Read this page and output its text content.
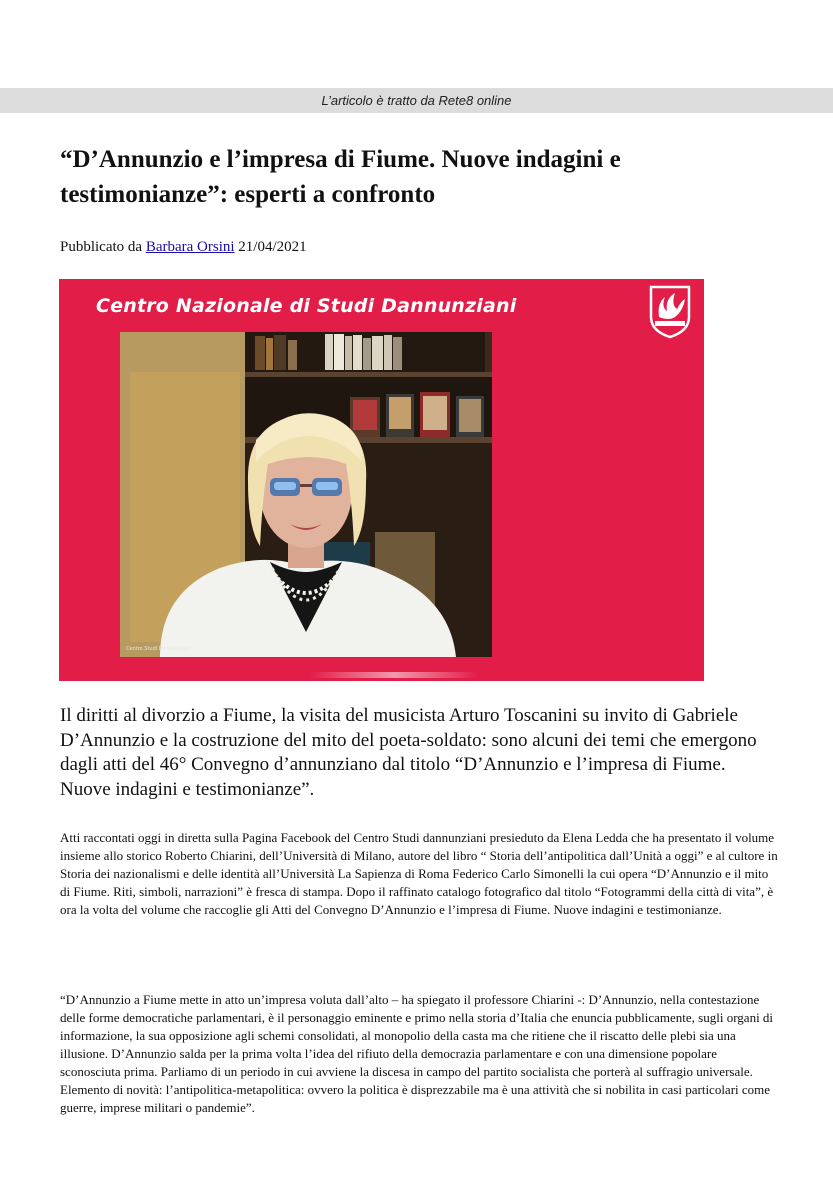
L’articolo è tratto da Rete8 online
“D’Annunzio e l’impresa di Fiume. Nuove indagini e testimonianze”: esperti a confronto
Pubblicato da Barbara Orsini 21/04/2021
Centro Nazionale di Studi Dannunziani
Centro Studi Dannunziani

Il diritti al divorzio a Fiume, la visita del musicista Arturo Toscanini su invito di Gabriele D’Annunzio e la costruzione del mito del poeta-soldato: sono alcuni dei temi che emergono dagli atti del 46° Convegno d’annunziano dal titolo “D’Annunzio e l’impresa di Fiume. Nuove indagini e testimonianze”.

Atti raccontati oggi in diretta sulla Pagina Facebook del Centro Studi dannunziani presieduto da Elena Ledda che ha presentato il volume insieme allo storico Roberto Chiarini, dell’Università di Milano, autore del libro “ Storia dell’antipolitica dall’Unità a oggi” e al cultore in Storia dei nazionalismi e delle identità all’Università La Sapienza di Roma Federico Carlo Simonelli la cui opera “D’Annunzio e il mito di Fiume. Riti, simboli, narrazioni” è fresca di stampa. Dopo il raffinato catalogo fotografico dal titolo “Fotogrammi della città di vita”, è ora la volta del volume che raccoglie gli Atti del Convegno D’Annunzio e l’impresa di Fiume. Nuove indagini e testimonianze.

“D’Annunzio a Fiume mette in atto un’impresa voluta dall’alto – ha spiegato il professore Chiarini -: D’Annunzio, nella contestazione delle forme democratiche parlamentari, è il personaggio eminente e primo nella storia d’Italia che enuncia pubblicamente, sugli organi di informazione, la sua opposizione agli schemi consolidati, al monopolio della casta ma che ritiene che il riscatto delle plebi sia una illusione. D’Annunzio salda per la prima volta l’idea del rifiuto della democrazia parlamentare e con una dimensione popolare sconosciuta prima. Parliamo di un periodo in cui avviene la discesa in campo del partito socialista che porterà al suffragio universale. Elemento di novità: l’antipolitica-metapolitica: ovvero la politica è disprezzabile ma è una attività che si nobilita in casi particolari come guerre, imprese militari o pandemie”.
